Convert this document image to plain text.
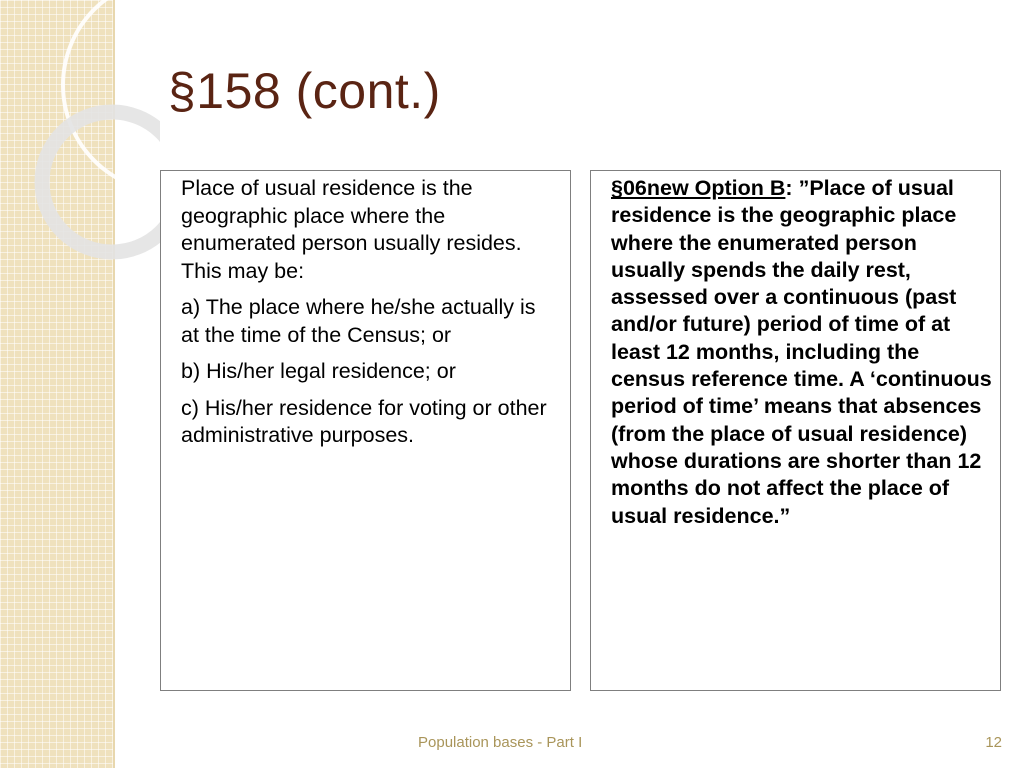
§158 (cont.)

Place of usual residence is the geographic place where the enumerated person usually resides. This may be:

a) The place where he/she actually is at the time of the Census; or

b) His/her legal residence; or

c) His/her residence for voting or other administrative purposes.

§06new Option B: ”Place of usual residence is the geographic place where the enumerated person usually spends the daily rest, assessed over a continuous (past and/or future) period of time of at least 12 months, including the census reference time. A ‘continuous period of time’ means that absences (from the place of usual residence) whose durations are shorter than 12 months do not affect the place of usual residence.”

Population bases - Part I	12
